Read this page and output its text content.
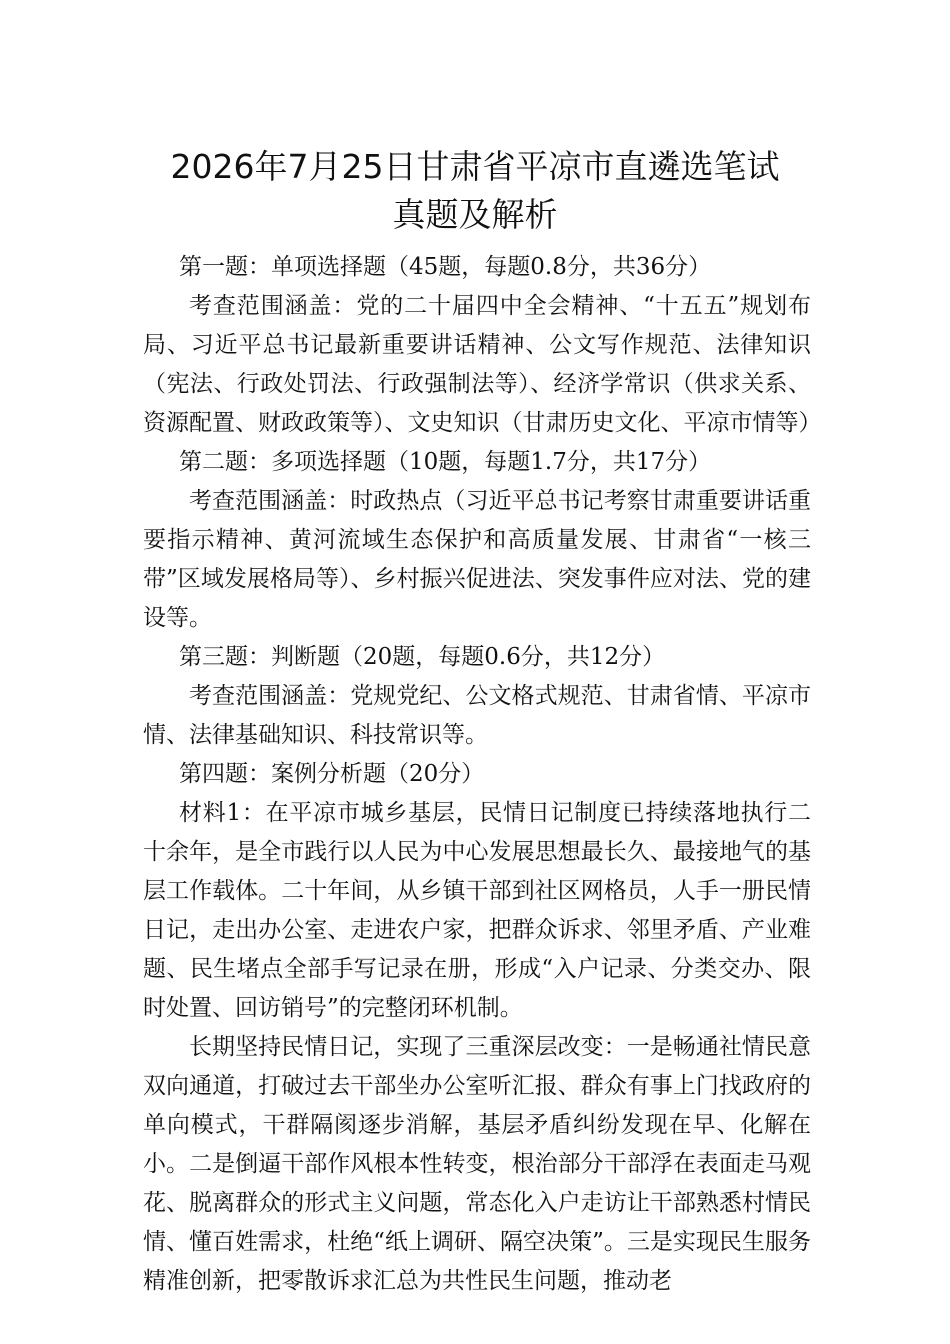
2026年7月25日甘肃省平凉市直遴选笔试
真题及解析

第一题：单项选择题（45题，每题0.8分，共36分）

考查范围涵盖：党的二十届四中全会精神、“十五五”规划布局、习近平总书记最新重要讲话精神、公文写作规范、法律知识（宪法、行政处罚法、行政强制法等）、经济学常识（供求关系、资源配置、财政政策等）、文史知识（甘肃历史文化、平凉市情等）

第二题：多项选择题（10题，每题1.7分，共17分）

考查范围涵盖：时政热点（习近平总书记考察甘肃重要讲话重要指示精神、黄河流域生态保护和高质量发展、甘肃省“一核三带”区域发展格局等）、乡村振兴促进法、突发事件应对法、党的建设等。

第三题：判断题（20题，每题0.6分，共12分）

考查范围涵盖：党规党纪、公文格式规范、甘肃省情、平凉市情、法律基础知识、科技常识等。

第四题：案例分析题（20分）

材料1：在平凉市城乡基层，民情日记制度已持续落地执行二十余年，是全市践行以人民为中心发展思想最长久、最接地气的基层工作载体。二十年间，从乡镇干部到社区网格员，人手一册民情日记，走出办公室、走进农户家，把群众诉求、邻里矛盾、产业难题、民生堵点全部手写记录在册，形成“入户记录、分类交办、限时处置、回访销号”的完整闭环机制。

长期坚持民情日记，实现了三重深层改变：一是畅通社情民意双向通道，打破过去干部坐办公室听汇报、群众有事上门找政府的单向模式，干群隔阂逐步消解，基层矛盾纠纷发现在早、化解在小。二是倒逼干部作风根本性转变，根治部分干部浮在表面走马观花、脱离群众的形式主义问题，常态化入户走访让干部熟悉村情民情、懂百姓需求，杜绝“纸上调研、隔空决策”。三是实现民生服务精准创新，把零散诉求汇总为共性民生问题，推动老
